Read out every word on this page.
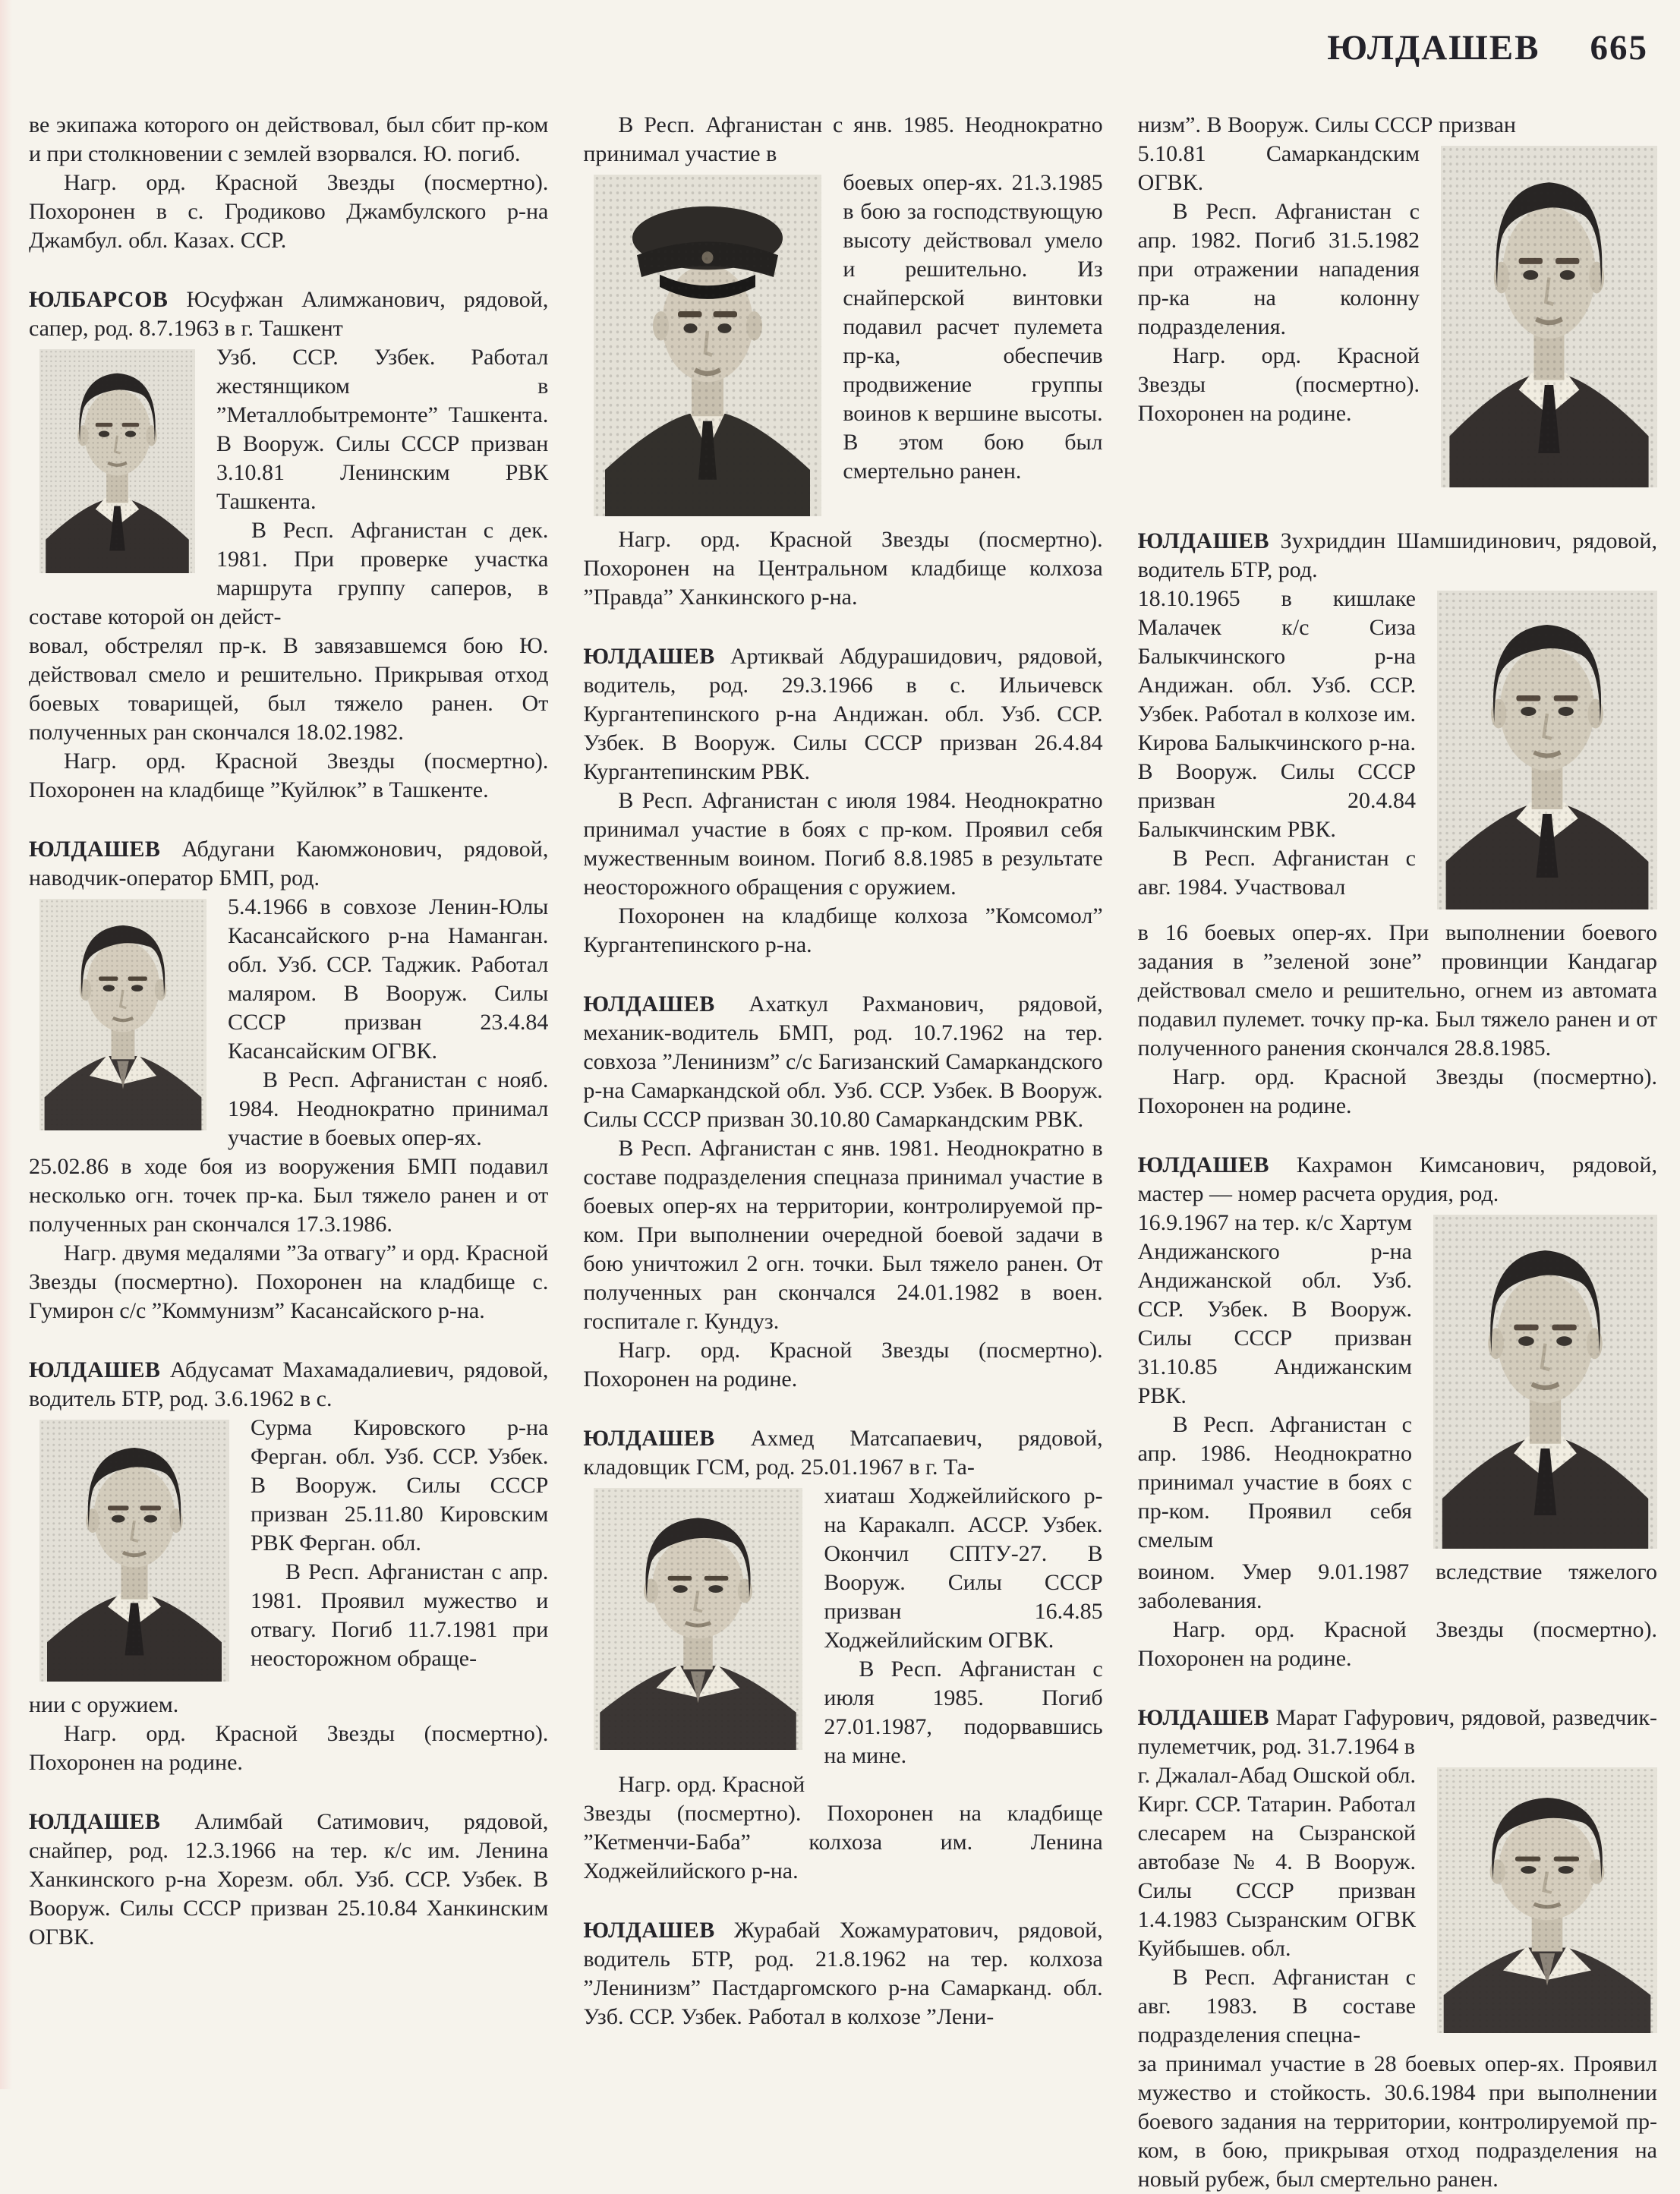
ЮЛДАШЕВ 665

ве экипажа которого он действовал, был сбит пр-ком и при столкновении с землей взорвался. Ю. погиб.

Нагр. орд. Красной Звезды (посмертно). Похоронен в с. Гродиково Джамбулского р-на Джамбул. обл. Казах. ССР.

ЮЛБАРСОВ Юсуфжан Алимжанович, рядовой, сапер, род. 8.7.1963 в г. Ташкент

Узб. ССР. Узбек. Работал жестянщиком в ”Металлобытремонте” Ташкента. В Вооруж. Силы СССР призван 3.10.81 Ленинским РВК Ташкента.

В Респ. Афганистан с дек. 1981. При проверке участка маршрута группу саперов, в составе которой он дейст-

вовал, обстрелял пр-к. В завязавшемся бою Ю. действовал смело и решительно. Прикрывая отход боевых товарищей, был тяжело ранен. От полученных ран скончался 18.02.1982.

Нагр. орд. Красной Звезды (посмертно). Похоронен на кладбище ”Куйлюк” в Ташкенте.

ЮЛДАШЕВ Абдугани Каюмжонович, рядовой, наводчик-оператор БМП, род.

5.4.1966 в совхозе Ленин-Юлы Касансайского р-на Наманган. обл. Узб. ССР. Таджик. Работал маляром. В Вооруж. Силы СССР призван 23.4.84 Касансайским ОГВК.

В Респ. Афганистан с нояб. 1984. Неоднократно принимал участие в боевых опер-ях.

25.02.86 в ходе боя из вооружения БМП подавил несколько огн. точек пр-ка. Был тяжело ранен и от полученных ран скончался 17.3.1986.

Нагр. двумя медалями ”За отвагу” и орд. Красной Звезды (посмертно). Похоронен на кладбище с. Гумирон с/с ”Коммунизм” Касансайского р-на.

ЮЛДАШЕВ Абдусамат Махамадалиевич, рядовой, водитель БТР, род. 3.6.1962 в с.

Сурма Кировского р-на Ферган. обл. Узб. ССР. Узбек. В Вооруж. Силы СССР призван 25.11.80 Кировским РВК Ферган. обл.

В Респ. Афганистан с апр. 1981. Проявил мужество и отвагу. Погиб 11.7.1981 при неосторожном обраще-

нии с оружием.

Нагр. орд. Красной Звезды (посмертно). Похоронен на родине.

ЮЛДАШЕВ Алимбай Сатимович, рядовой, снайпер, род. 12.3.1966 на тер. к/с им. Ленина Ханкинского р-на Хорезм. обл. Узб. ССР. Узбек. В Вооруж. Силы СССР призван 25.10.84 Ханкинским ОГВК.

В Респ. Афганистан с янв. 1985. Неоднократно принимал участие в

боевых опер-ях. 21.3.1985 в бою за господствующую высоту действовал умело и решительно. Из снайперской винтовки подавил расчет пулемета пр-ка, обеспечив продвижение группы воинов к вершине высоты. В этом бою был смертельно ранен.

Нагр. орд. Красной Звезды (посмертно). Похоронен на Центральном кладбище колхоза ”Правда” Ханкинского р-на.

ЮЛДАШЕВ Артиквай Абдурашидович, рядовой, водитель, род. 29.3.1966 в с. Ильичевск Кургантепинского р-на Андижан. обл. Узб. ССР. Узбек. В Вооруж. Силы СССР призван 26.4.84 Кургантепинским РВК.

В Респ. Афганистан с июля 1984. Неоднократно принимал участие в боях с пр-ком. Проявил себя мужественным воином. Погиб 8.8.1985 в результате неосторожного обращения с оружием.

Похоронен на кладбище колхоза ”Комсомол” Кургантепинского р-на.

ЮЛДАШЕВ Ахаткул Рахманович, рядовой, механик-водитель БМП, род. 10.7.1962 на тер. совхоза ”Ленинизм” с/с Багизанский Самаркандского р-на Самаркандской обл. Узб. ССР. Узбек. В Вооруж. Силы СССР призван 30.10.80 Самаркандским РВК.

В Респ. Афганистан с янв. 1981. Неоднократно в составе подразделения спецназа принимал участие в боевых опер-ях на территории, контролируемой пр-ком. При выполнении очередной боевой задачи в бою уничтожил 2 огн. точки. Был тяжело ранен. От полученных ран скончался 24.01.1982 в воен. госпитале г. Кундуз.

Нагр. орд. Красной Звезды (посмертно). Похоронен на родине.

ЮЛДАШЕВ Ахмед Матсапаевич, рядовой, кладовщик ГСМ, род. 25.01.1967 в г. Та-

хиаташ Ходжейлийского р-на Каракалп. АССР. Узбек. Окончил СПТУ-27. В Вооруж. Силы СССР призван 16.4.85 Ходжейлийским ОГВК.

В Респ. Афганистан с июля 1985. Погиб 27.01.1987, подорвавшись на мине.

Нагр. орд. Красной

Звезды (посмертно). Похоронен на кладбище ”Кетменчи-Баба” колхоза им. Ленина Ходжейлийского р-на.

ЮЛДАШЕВ Журабай Хожамуратович, рядовой, водитель БТР, род. 21.8.1962 на тер. колхоза ”Ленинизм” Пастдаргомского р-на Самарканд. обл. Узб. ССР. Узбек. Работал в колхозе ”Лени-

низм”. В Вооруж. Силы СССР призван

5.10.81 Самаркандским ОГВК.

В Респ. Афганистан с апр. 1982. Погиб 31.5.1982 при отражении нападения пр-ка на колонну подразделения.

Нагр. орд. Красной Звезды (посмертно). Похоронен на родине.

ЮЛДАШЕВ Зухриддин Шамшидинович, рядовой, водитель БТР, род.

18.10.1965 в кишлаке Малачек к/с Сиза Балыкчинского р-на Андижан. обл. Узб. ССР. Узбек. Работал в колхозе им. Кирова Балыкчинского р-на. В Вооруж. Силы СССР призван 20.4.84 Балыкчинским РВК.

В Респ. Афганистан с авг. 1984. Участвовал

в 16 боевых опер-ях. При выполнении боевого задания в ”зеленой зоне” провинции Кандагар действовал смело и решительно, огнем из автомата подавил пулемет. точку пр-ка. Был тяжело ранен и от полученного ранения скончался 28.8.1985.

Нагр. орд. Красной Звезды (посмертно). Похоронен на родине.

ЮЛДАШЕВ Кахрамон Кимсанович, рядовой, мастер — номер расчета орудия, род.

16.9.1967 на тер. к/с Хартум Андижанского р-на Андижанской обл. Узб. ССР. Узбек. В Вооруж. Силы СССР призван 31.10.85 Андижанским РВК.

В Респ. Афганистан с апр. 1986. Неоднократно принимал участие в боях с пр-ком. Проявил себя смелым

воином. Умер 9.01.1987 вследствие тяжелого заболевания.

Нагр. орд. Красной Звезды (посмертно). Похоронен на родине.

ЮЛДАШЕВ Марат Гафурович, рядовой, разведчик-пулеметчик, род. 31.7.1964 в

г. Джалал-Абад Ошской обл. Кирг. ССР. Татарин. Работал слесарем на Сызранской автобазе № 4. В Вооруж. Силы СССР призван 1.4.1983 Сызранским ОГВК Куйбышев. обл.

В Респ. Афганистан с авг. 1983. В составе подразделения спецна-

за принимал участие в 28 боевых опер-ях. Проявил мужество и стойкость. 30.6.1984 при выполнении боевого задания на территории, контролируемой пр-ком, в бою, прикрывая отход подразделения на новый рубеж, был смертельно ранен.
